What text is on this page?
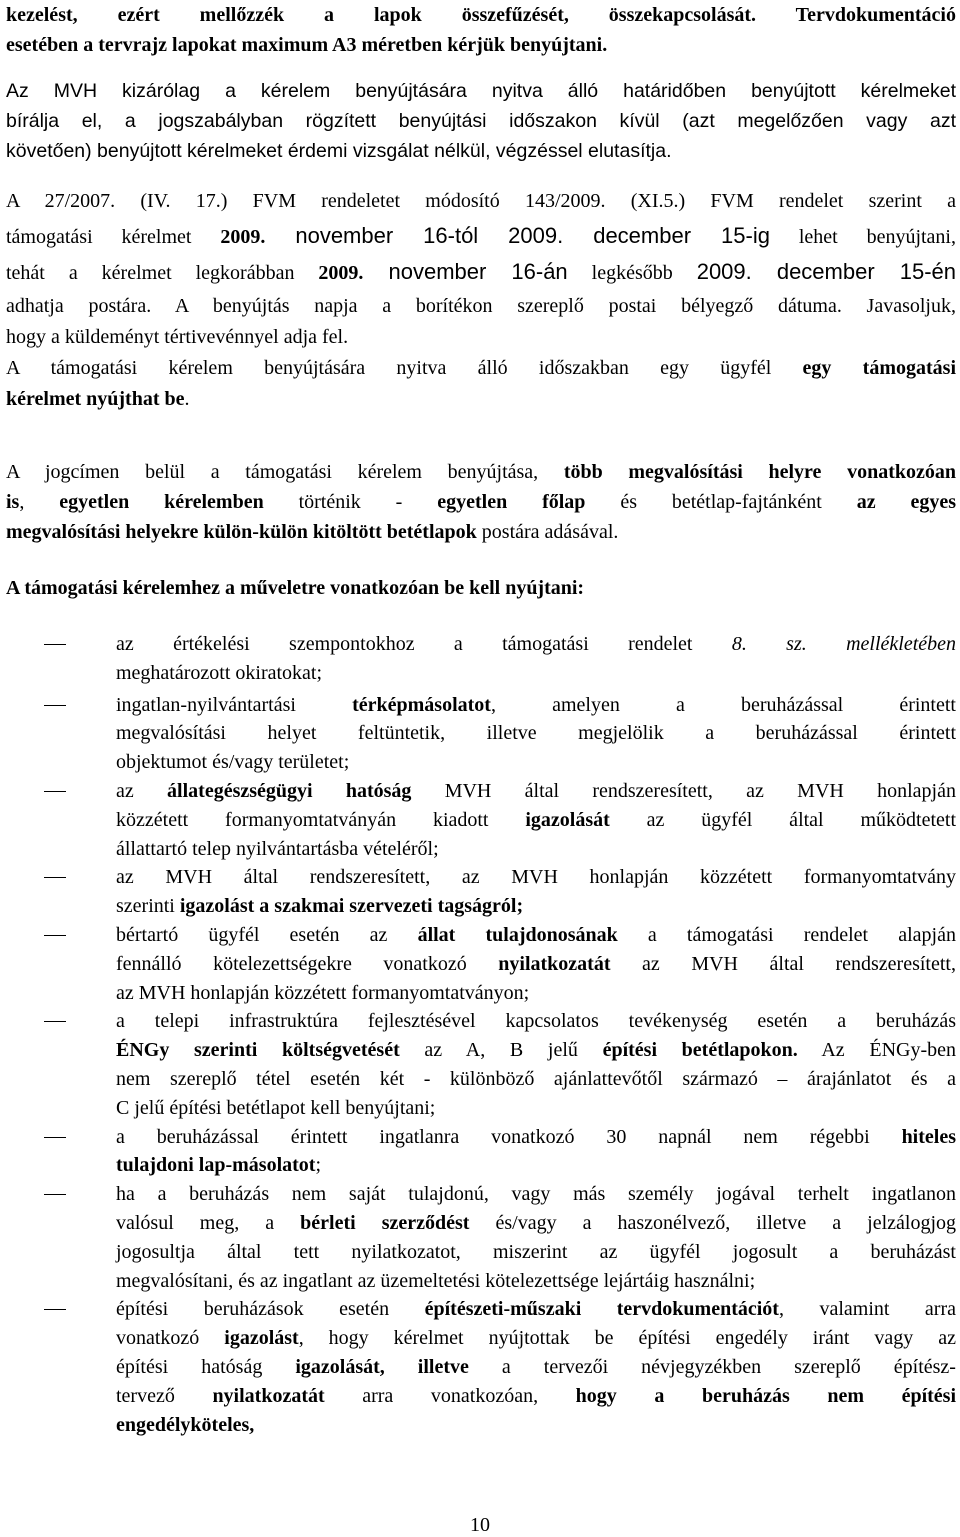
kezelést, ezért mellőzzék a lapok összefűzését, összekapcsolását. Tervdokumentáció
esetében a tervrajz lapokat maximum A3 méretben kérjük benyújtani.
Az MVH kizárólag a kérelem benyújtására nyitva álló határidőben benyújtott kérelmeket
bírálja el, a jogszabályban rögzített benyújtási időszakon kívül (azt megelőzően vagy azt
követően) benyújtott kérelmeket érdemi vizsgálat nélkül, végzéssel elutasítja.
A 27/2007. (IV. 17.) FVM rendeletet módosító 143/2009. (XI.5.) FVM rendelet szerint a
támogatási kérelmet 2009. november 16-tól 2009. december 15-ig lehet benyújtani,
tehát a kérelmet legkorábban 2009. november 16-án legkésőbb 2009. december 15-én
adhatja postára. A benyújtás napja a borítékon szereplő postai bélyegző dátuma. Javasoljuk,
hogy a küldeményt tértivevénnyel adja fel.
A támogatási kérelem benyújtására nyitva álló időszakban egy ügyfél egy támogatási
kérelmet nyújthat be.
A jogcímen belül a támogatási kérelem benyújtása, több megvalósítási helyre vonatkozóan
is, egyetlen kérelemben történik - egyetlen főlap és betétlap-fajtánként az egyes
megvalósítási helyekre külön-külön kitöltött betétlapok postára adásával.
A támogatási kérelemhez a műveletre vonatkozóan be kell nyújtani:
az értékelési szempontokhoz a támogatási rendelet 8. sz. mellékletében
meghatározott okiratokat;
ingatlan-nyilvántartási térképmásolatot, amelyen a beruházással érintett
megvalósítási helyet feltüntetik, illetve megjelölik a beruházással érintett
objektumot és/vagy területet;
az állategészségügyi hatóság MVH által rendszeresített, az MVH honlapján
közzétett formanyomtatványán kiadott igazolását az ügyfél által működtetett
állattartó telep nyilvántartásba vételéről;
az MVH által rendszeresített, az MVH honlapján közzétett formanyomtatvány
szerinti igazolást a szakmai szervezeti tagságról;
bértartó ügyfél esetén az állat tulajdonosának a támogatási rendelet alapján
fennálló kötelezettségekre vonatkozó nyilatkozatát az MVH által rendszeresített,
az MVH honlapján közzétett formanyomtatványon;
a telepi infrastruktúra fejlesztésével kapcsolatos tevékenység esetén a beruházás
ÉNGy szerinti költségvetését az A, B jelű építési betétlapokon. Az ÉNGy-ben
nem szereplő tétel esetén két - különböző ajánlattevőtől származó – árajánlatot és a
C jelű építési betétlapot kell benyújtani;
a beruházással érintett ingatlanra vonatkozó 30 napnál nem régebbi hiteles
tulajdoni lap-másolatot;
ha a beruházás nem saját tulajdonú, vagy más személy jogával terhelt ingatlanon
valósul meg, a bérleti szerződést és/vagy a haszonélvező, illetve a jelzálogjog
jogosultja által tett nyilatkozatot, miszerint az ügyfél jogosult a beruházást
megvalósítani, és az ingatlant az üzemeltetési kötelezettsége lejártáig használni;
építési beruházások esetén építészeti-műszaki tervdokumentációt, valamint arra
vonatkozó igazolást, hogy kérelmet nyújtottak be építési engedély iránt vagy az
építési hatóság igazolását, illetve a tervezői névjegyzékben szereplő építész-
tervező nyilatkozatát arra vonatkozóan, hogy a beruházás nem építési
engedélyköteles,
10
